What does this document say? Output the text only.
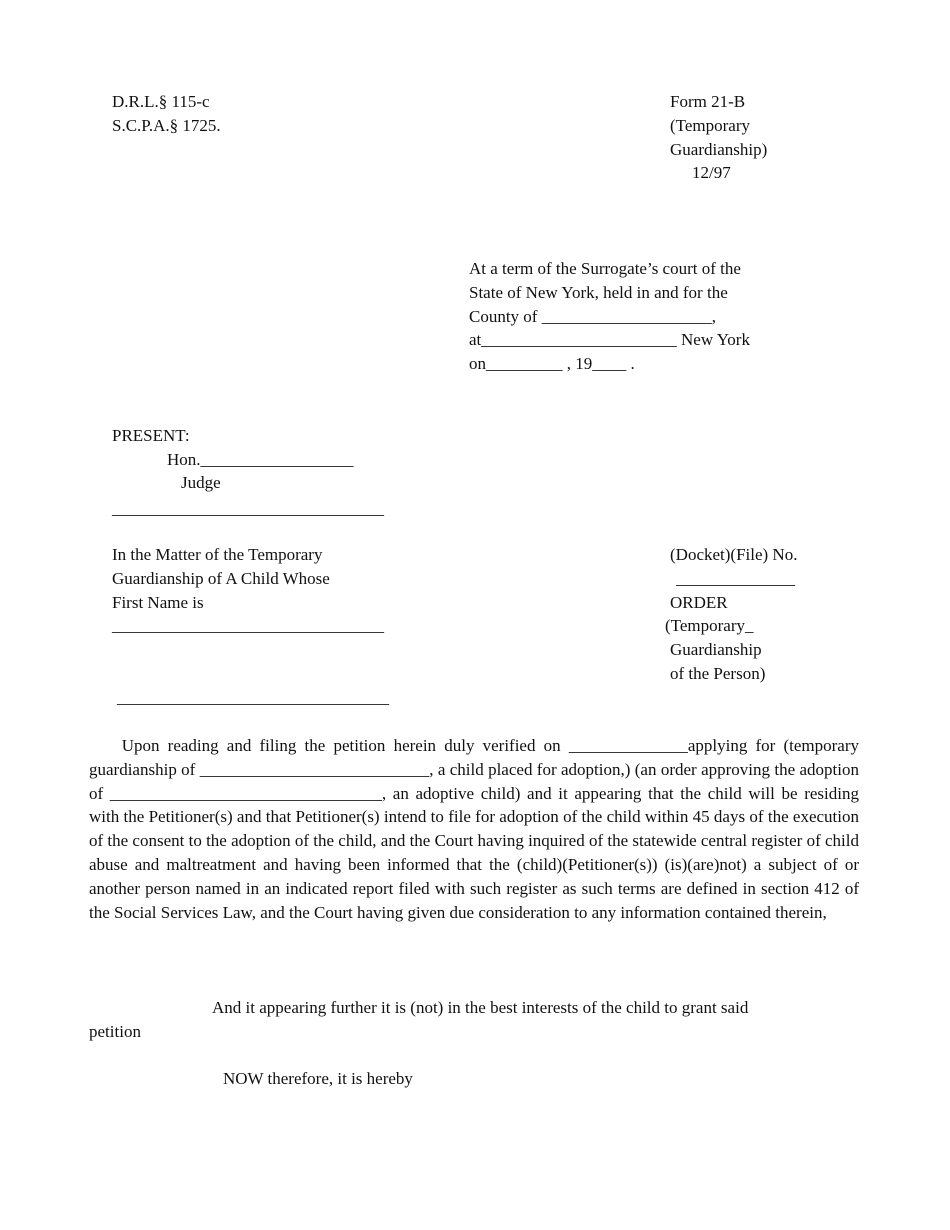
D.R.L.§ 115-c
S.C.P.A.§ 1725.
Form 21-B
(Temporary
Guardianship)
12/97
At a term of the Surrogate’s court of the
State of New York, held in and for the
County of ____________________,
at_______________________ New York
on_________ , 19____ .
PRESENT:
Hon.__________________
Judge
________________________________
In the Matter of the Temporary
Guardianship of A Child Whose
First Name is
________________________________
________________________________
(Docket)(File) No.
______________
ORDER
(Temporary_
Guardianship
of the Person)
Upon reading and filing the petition herein duly verified on ______________applying for (temporary guardianship of ___________________________, a child placed for adoption,) (an order approving the adoption of ________________________________, an adoptive child) and it appearing that the child will be residing with the Petitioner(s) and that Petitioner(s) intend to file for adoption of the child within 45 days of the execution of the consent to the adoption of the child, and the Court having inquired of the statewide central register of child abuse and maltreatment and having been informed that the (child)(Petitioner(s)) (is)(are)not) a subject of or another person named in an indicated report filed with such register as such terms are defined in section 412 of the Social Services Law, and the Court having given due consideration to any information contained therein,
And it appearing further it is (not) in the best interests of the child to grant said
petition
NOW therefore, it is hereby
